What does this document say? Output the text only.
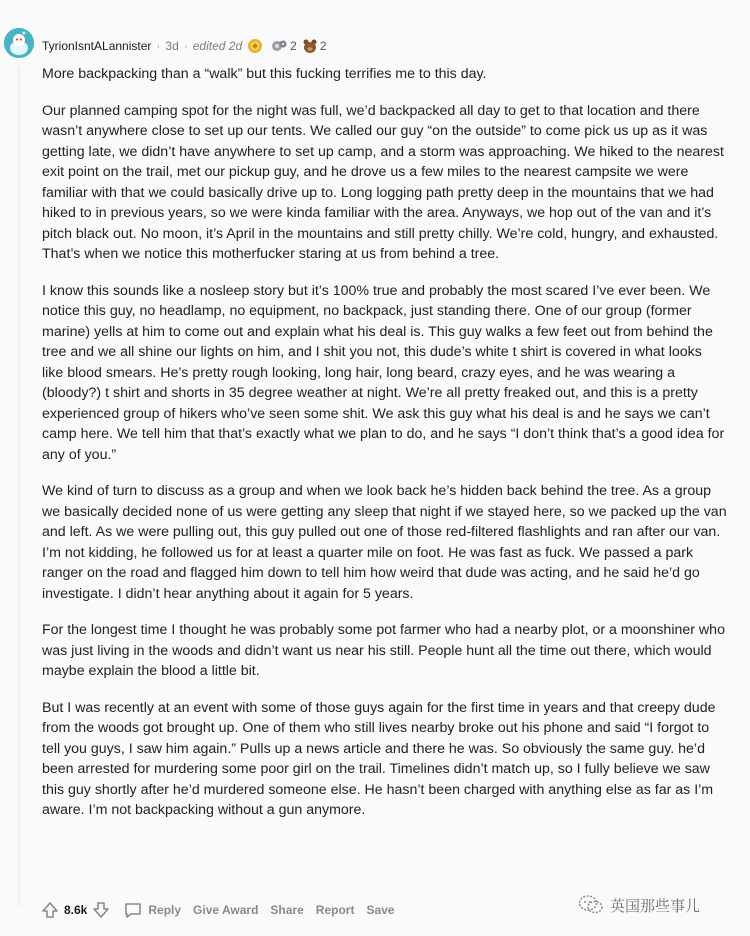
TyrionIsntALannister · 3d · edited 2d	2 2

More backpacking than a “walk” but this fucking terrifies me to this day.

Our planned camping spot for the night was full, we’d backpacked all day to get to that location and there wasn’t anywhere close to set up our tents. We called our guy “on the outside” to come pick us up as it was getting late, we didn’t have anywhere to set up camp, and a storm was approaching. We hiked to the nearest exit point on the trail, met our pickup guy, and he drove us a few miles to the nearest campsite we were familiar with that we could basically drive up to. Long logging path pretty deep in the mountains that we had hiked to in previous years, so we were kinda familiar with the area. Anyways, we hop out of the van and it’s pitch black out. No moon, it’s April in the mountains and still pretty chilly. We’re cold, hungry, and exhausted. That’s when we notice this motherfucker staring at us from behind a tree.

I know this sounds like a nosleep story but it’s 100% true and probably the most scared I’ve ever been. We notice this guy, no headlamp, no equipment, no backpack, just standing there. One of our group (former marine) yells at him to come out and explain what his deal is. This guy walks a few feet out from behind the tree and we all shine our lights on him, and I shit you not, this dude’s white t shirt is covered in what looks like blood smears. He’s pretty rough looking, long hair, long beard, crazy eyes, and he was wearing a (bloody?) t shirt and shorts in 35 degree weather at night. We’re all pretty freaked out, and this is a pretty experienced group of hikers who’ve seen some shit. We ask this guy what his deal is and he says we can’t camp here. We tell him that that’s exactly what we plan to do, and he says “I don’t think that’s a good idea for any of you.”

We kind of turn to discuss as a group and when we look back he’s hidden back behind the tree. As a group we basically decided none of us were getting any sleep that night if we stayed here, so we packed up the van and left. As we were pulling out, this guy pulled out one of those red-filtered flashlights and ran after our van. I’m not kidding, he followed us for at least a quarter mile on foot. He was fast as fuck. We passed a park ranger on the road and flagged him down to tell him how weird that dude was acting, and he said he’d go investigate. I didn’t hear anything about it again for 5 years.

For the longest time I thought he was probably some pot farmer who had a nearby plot, or a moonshiner who was just living in the woods and didn’t want us near his still. People hunt all the time out there, which would maybe explain the blood a little bit.

But I was recently at an event with some of those guys again for the first time in years and that creepy dude from the woods got brought up. One of them who still lives nearby broke out his phone and said “I forgot to tell you guys, I saw him again.” Pulls up a news article and there he was. So obviously the same guy. he’d been arrested for murdering some poor girl on the trail. Timelines didn’t match up, so I fully believe we saw this guy shortly after he’d murdered someone else. He hasn’t been charged with anything else as far as I’m aware. I’m not backpacking without a gun anymore.

8.6k	Reply Give Award Share Report Save	英国那些事儿
